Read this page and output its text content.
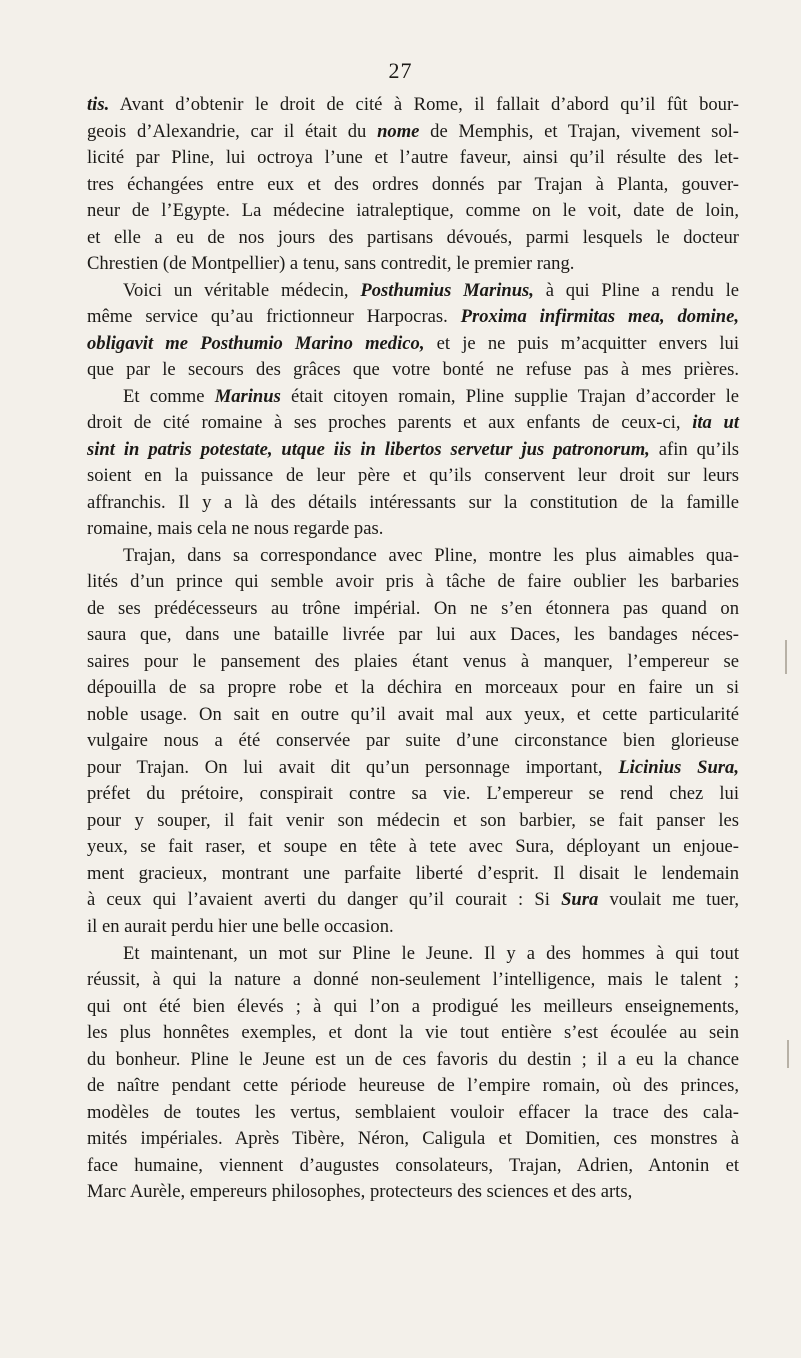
27
tis. Avant d’obtenir le droit de cité à Rome, il fallait d’abord qu’il fût bour-
geois d’Alexandrie, car il était du nome de Memphis, et Trajan, vivement sol-
licité par Pline, lui octroya l’une et l’autre faveur, ainsi qu’il résulte des let-
tres échangées entre eux et des ordres donnés par Trajan à Planta, gouver-
neur de l’Egypte. La médecine iatraleptique, comme on le voit, date de loin,
et elle a eu de nos jours des partisans dévoués, parmi lesquels le docteur
Chrestien (de Montpellier) a tenu, sans contredit, le premier rang.
Voici un véritable médecin, Posthumius Marinus, à qui Pline a rendu le
même service qu’au frictionneur Harpocras. Proxima infirmitas mea, domine,
obligavit me Posthumio Marino medico, et je ne puis m’acquitter envers lui
que par le secours des grâces que votre bonté ne refuse pas à mes prières.
Et comme Marinus était citoyen romain, Pline supplie Trajan d’accorder le
droit de cité romaine à ses proches parents et aux enfants de ceux-ci, ita ut
sint in patris potestate, utque iis in libertos servetur jus patronorum, afin qu’ils
soient en la puissance de leur père et qu’ils conservent leur droit sur leurs
affranchis. Il y a là des détails intéressants sur la constitution de la famille
romaine, mais cela ne nous regarde pas.
Trajan, dans sa correspondance avec Pline, montre les plus aimables qua-
lités d’un prince qui semble avoir pris à tâche de faire oublier les barbaries
de ses prédécesseurs au trône impérial. On ne s’en étonnera pas quand on
saura que, dans une bataille livrée par lui aux Daces, les bandages néces-
saires pour le pansement des plaies étant venus à manquer, l’empereur se
dépouilla de sa propre robe et la déchira en morceaux pour en faire un si
noble usage. On sait en outre qu’il avait mal aux yeux, et cette particularité
vulgaire nous a été conservée par suite d’une circonstance bien glorieuse
pour Trajan. On lui avait dit qu’un personnage important, Licinius Sura,
préfet du prétoire, conspirait contre sa vie. L’empereur se rend chez lui
pour y souper, il fait venir son médecin et son barbier, se fait panser les
yeux, se fait raser, et soupe en tête à tete avec Sura, déployant un enjoue-
ment gracieux, montrant une parfaite liberté d’esprit. Il disait le lendemain
à ceux qui l’avaient averti du danger qu’il courait : Si Sura voulait me tuer,
il en aurait perdu hier une belle occasion.
Et maintenant, un mot sur Pline le Jeune. Il y a des hommes à qui tout
réussit, à qui la nature a donné non-seulement l’intelligence, mais le talent ;
qui ont été bien élevés ; à qui l’on a prodigué les meilleurs enseignements,
les plus honnêtes exemples, et dont la vie tout entière s’est écoulée au sein
du bonheur. Pline le Jeune est un de ces favoris du destin ; il a eu la chance
de naître pendant cette période heureuse de l’empire romain, où des princes,
modèles de toutes les vertus, semblaient vouloir effacer la trace des cala-
mités impériales. Après Tibère, Néron, Caligula et Domitien, ces monstres à
face humaine, viennent d’augustes consolateurs, Trajan, Adrien, Antonin et
Marc Aurèle, empereurs philosophes, protecteurs des sciences et des arts,
